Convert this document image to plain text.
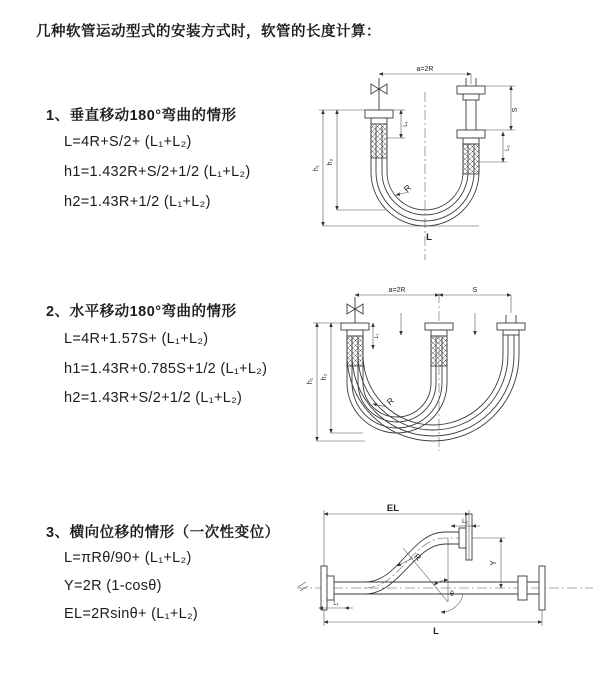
几种软管运动型式的安装方式时，软管的长度计算：
1、垂直移动180°弯曲的情形
L=4R+S/2+ (L₁+L₂)
h1=1.432R+S/2+1/2 (L₁+L₂)
h2=1.43R+1/2 (L₁+L₂)
2、水平移动180°弯曲的情形
L=4R+1.57S+ (L₁+L₂)
h1=1.43R+0.785S+1/2 (L₁+L₂)
h2=1.43R+S/2+1/2 (L₁+L₂)
3、横向位移的情形（一次性变位）
L=πRθ/90+ (L₁+L₂)
Y=2R (1-cosθ)
EL=2Rsinθ+ (L₁+L₂)
a=2R
S
L₂
h₁
h₂
L₁
R
L
a=2R	S
h₁
h₂
L₁
R
EL
L₂
Y
R
θ
L
L₁
